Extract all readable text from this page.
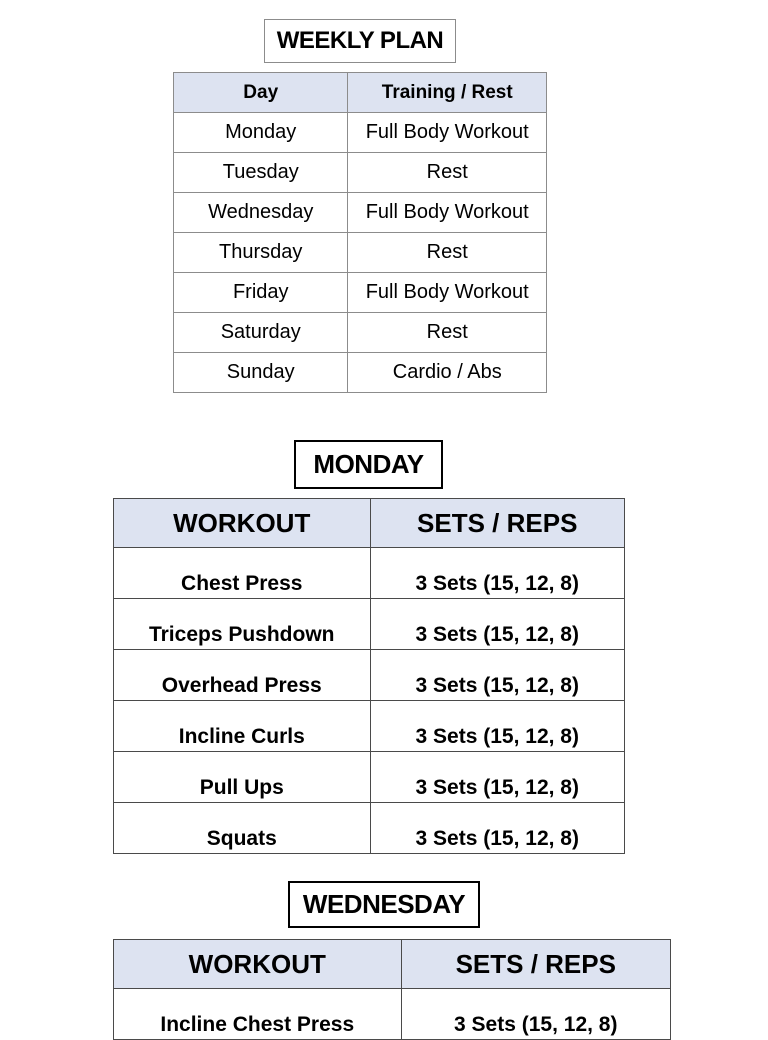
WEEKLY PLAN
Day	Training / Rest
Monday	Full Body Workout
Tuesday	Rest
Wednesday	Full Body Workout
Thursday	Rest
Friday	Full Body Workout
Saturday	Rest
Sunday	Cardio / Abs
MONDAY
WORKOUT	SETS / REPS
Chest Press	3 Sets (15, 12, 8)
Triceps Pushdown	3 Sets (15, 12, 8)
Overhead Press	3 Sets (15, 12, 8)
Incline Curls	3 Sets (15, 12, 8)
Pull Ups	3 Sets (15, 12, 8)
Squats	3 Sets (15, 12, 8)
WEDNESDAY
WORKOUT	SETS / REPS
Incline Chest Press	3 Sets (15, 12, 8)
